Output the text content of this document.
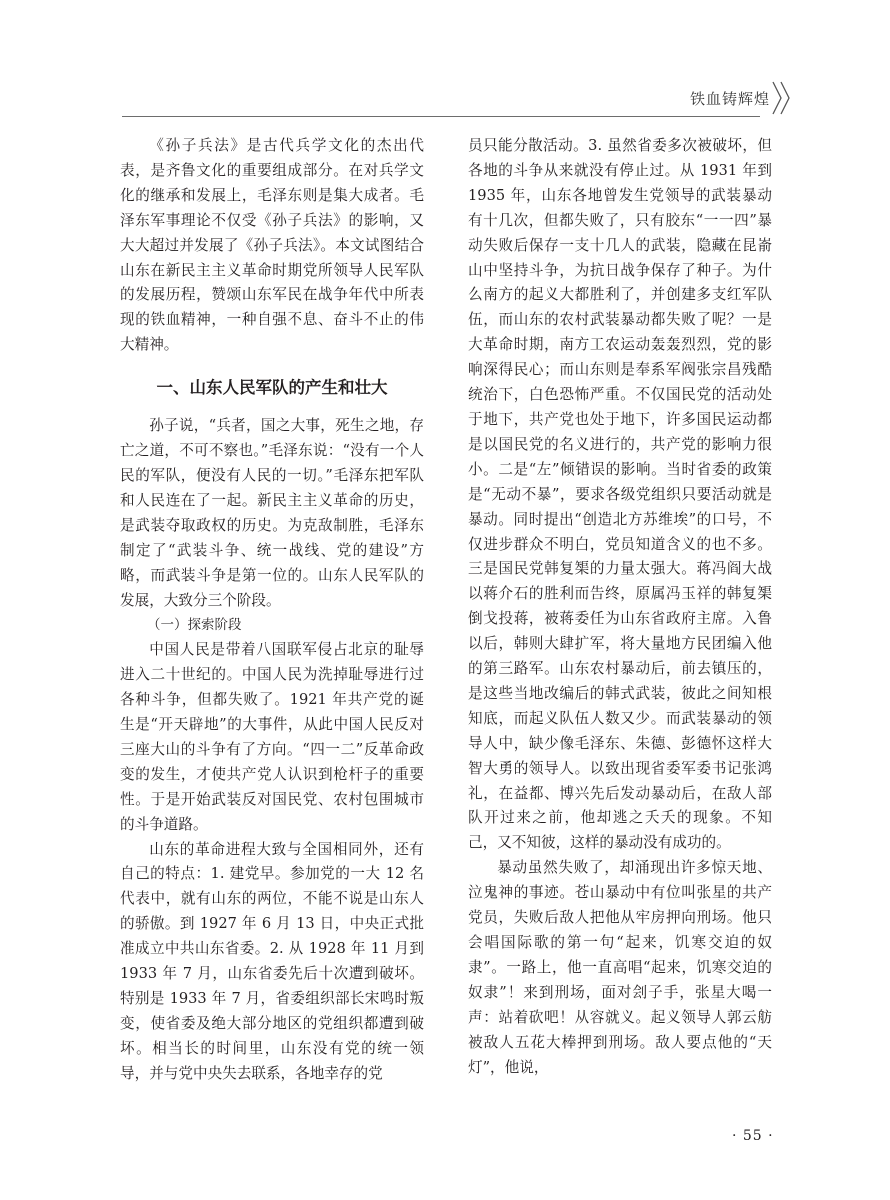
铁血铸辉煌

《孙子兵法》是古代兵学文化的杰出代表，是齐鲁文化的重要组成部分。在对兵学文化的继承和发展上，毛泽东则是集大成者。毛泽东军事理论不仅受《孙子兵法》的影响，又大大超过并发展了《孙子兵法》。本文试图结合山东在新民主主义革命时期党所领导人民军队的发展历程，赞颂山东军民在战争年代中所表现的铁血精神，一种自强不息、奋斗不止的伟大精神。

一、山东人民军队的产生和壮大

孙子说，“兵者，国之大事，死生之地，存亡之道，不可不察也。”毛泽东说：“没有一个人民的军队，便没有人民的一切。”毛泽东把军队和人民连在了一起。新民主主义革命的历史，是武装夺取政权的历史。为克敌制胜，毛泽东制定了“武装斗争、统一战线、党的建设”方略，而武装斗争是第一位的。山东人民军队的发展，大致分三个阶段。

（一）探索阶段

中国人民是带着八国联军侵占北京的耻辱进入二十世纪的。中国人民为洗掉耻辱进行过各种斗争，但都失败了。1921 年共产党的诞生是“开天辟地”的大事件，从此中国人民反对三座大山的斗争有了方向。“四一二”反革命政变的发生，才使共产党人认识到枪杆子的重要性。于是开始武装反对国民党、农村包围城市的斗争道路。

山东的革命进程大致与全国相同外，还有自己的特点：1. 建党早。参加党的一大 12 名代表中，就有山东的两位，不能不说是山东人的骄傲。到 1927 年 6 月 13 日，中央正式批准成立中共山东省委。2. 从 1928 年 11 月到 1933 年 7 月，山东省委先后十次遭到破坏。特别是 1933 年 7 月，省委组织部长宋鸣时叛变，使省委及绝大部分地区的党组织都遭到破坏。相当长的时间里，山东没有党的统一领导，并与党中央失去联系，各地幸存的党

员只能分散活动。3. 虽然省委多次被破坏，但各地的斗争从来就没有停止过。从 1931 年到 1935 年，山东各地曾发生党领导的武装暴动有十几次，但都失败了，只有胶东“一一四”暴动失败后保存一支十几人的武装，隐藏在昆嵛山中坚持斗争，为抗日战争保存了种子。为什么南方的起义大都胜利了，并创建多支红军队伍，而山东的农村武装暴动都失败了呢？一是大革命时期，南方工农运动轰轰烈烈，党的影响深得民心；而山东则是奉系军阀张宗昌残酷统治下，白色恐怖严重。不仅国民党的活动处于地下，共产党也处于地下，许多国民运动都是以国民党的名义进行的，共产党的影响力很小。二是“左”倾错误的影响。当时省委的政策是“无动不暴”，要求各级党组织只要活动就是暴动。同时提出“创造北方苏维埃”的口号，不仅进步群众不明白，党员知道含义的也不多。三是国民党韩复榘的力量太强大。蒋冯阎大战以蒋介石的胜利而告终，原属冯玉祥的韩复榘倒戈投蒋，被蒋委任为山东省政府主席。入鲁以后，韩则大肆扩军，将大量地方民团编入他的第三路军。山东农村暴动后，前去镇压的，是这些当地改编后的韩式武装，彼此之间知根知底，而起义队伍人数又少。而武装暴动的领导人中，缺少像毛泽东、朱德、彭德怀这样大智大勇的领导人。以致出现省委军委书记张鸿礼，在益都、博兴先后发动暴动后，在敌人部队开过来之前，他却逃之夭夭的现象。不知己，又不知彼，这样的暴动没有成功的。

暴动虽然失败了，却涌现出许多惊天地、泣鬼神的事迹。苍山暴动中有位叫张星的共产党员，失败后敌人把他从牢房押向刑场。他只会唱国际歌的第一句“起来，饥寒交迫的奴隶”。一路上，他一直高唱“起来，饥寒交迫的奴隶”！来到刑场，面对刽子手，张星大喝一声：站着砍吧！从容就义。起义领导人郭云舫被敌人五花大棒押到刑场。敌人要点他的“天灯”，他说，

· 55 ·
